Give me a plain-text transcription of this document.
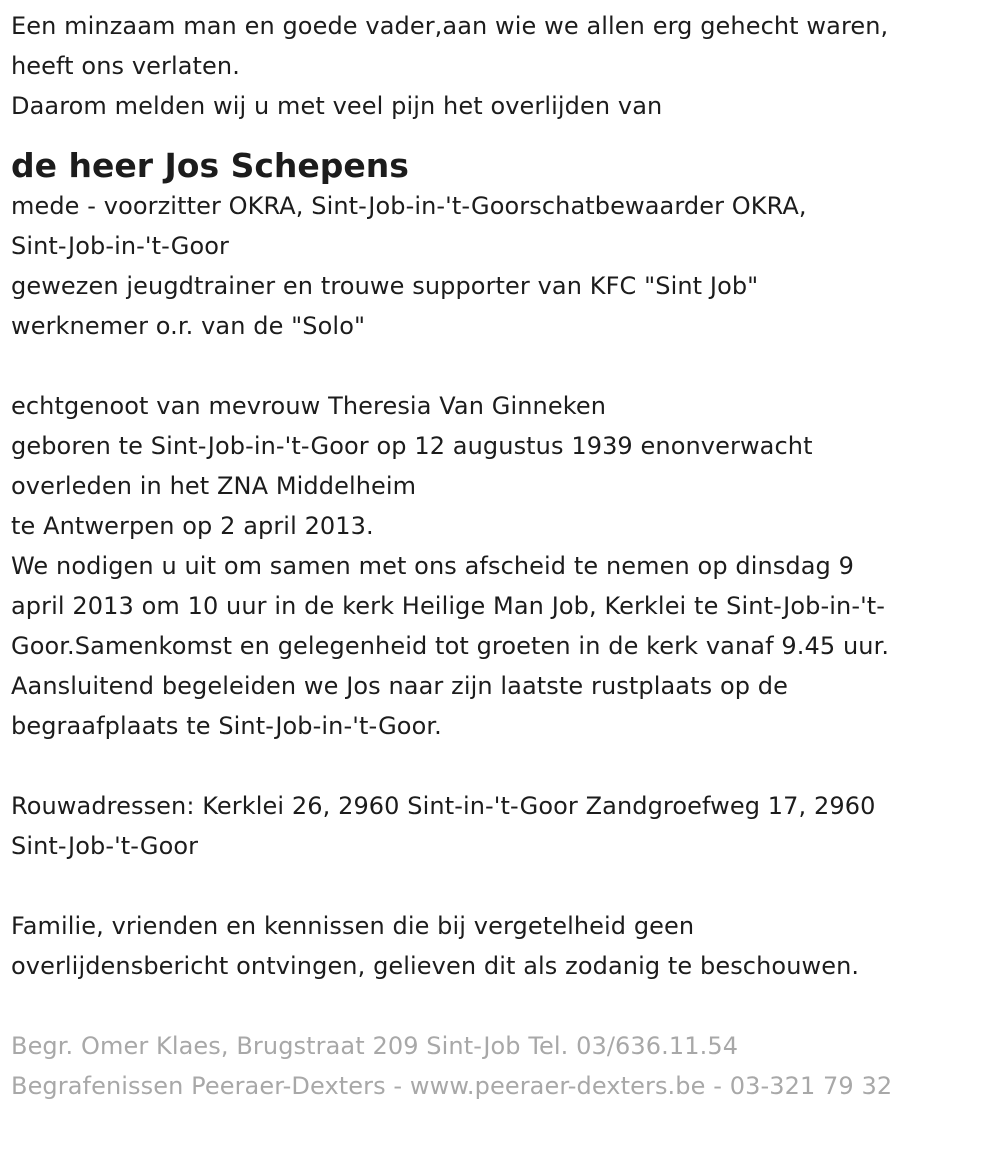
Een minzaam man en goede vader,aan wie we allen erg gehecht waren,
heeft ons verlaten.
Daarom melden wij u met veel pijn het overlijden van
de heer Jos Schepens
mede - voorzitter OKRA, Sint-Job-in-'t-Goorschatbewaarder OKRA,
Sint-Job-in-'t-Goor
gewezen jeugdtrainer en trouwe supporter van KFC "Sint Job"
werknemer o.r. van de "Solo"
echtgenoot van mevrouw Theresia Van Ginneken
geboren te Sint-Job-in-'t-Goor op 12 augustus 1939 enonverwacht
overleden in het ZNA Middelheim
te Antwerpen op 2 april 2013.
We nodigen u uit om samen met ons afscheid te nemen op dinsdag 9
april 2013 om 10 uur in de kerk Heilige Man Job, Kerklei te Sint-Job-in-'t-
Goor.Samenkomst en gelegenheid tot groeten in de kerk vanaf 9.45 uur.
Aansluitend begeleiden we Jos naar zijn laatste rustplaats op de
begraafplaats te Sint-Job-in-'t-Goor.
Rouwadressen: Kerklei 26, 2960 Sint-in-'t-Goor Zandgroefweg 17, 2960
Sint-Job-'t-Goor
Familie, vrienden en kennissen die bij vergetelheid geen
overlijdensbericht ontvingen, gelieven dit als zodanig te beschouwen.
Begr. Omer Klaes, Brugstraat 209 Sint-Job Tel. 03/636.11.54
Begrafenissen Peeraer-Dexters - www.peeraer-dexters.be - 03-321 79 32
